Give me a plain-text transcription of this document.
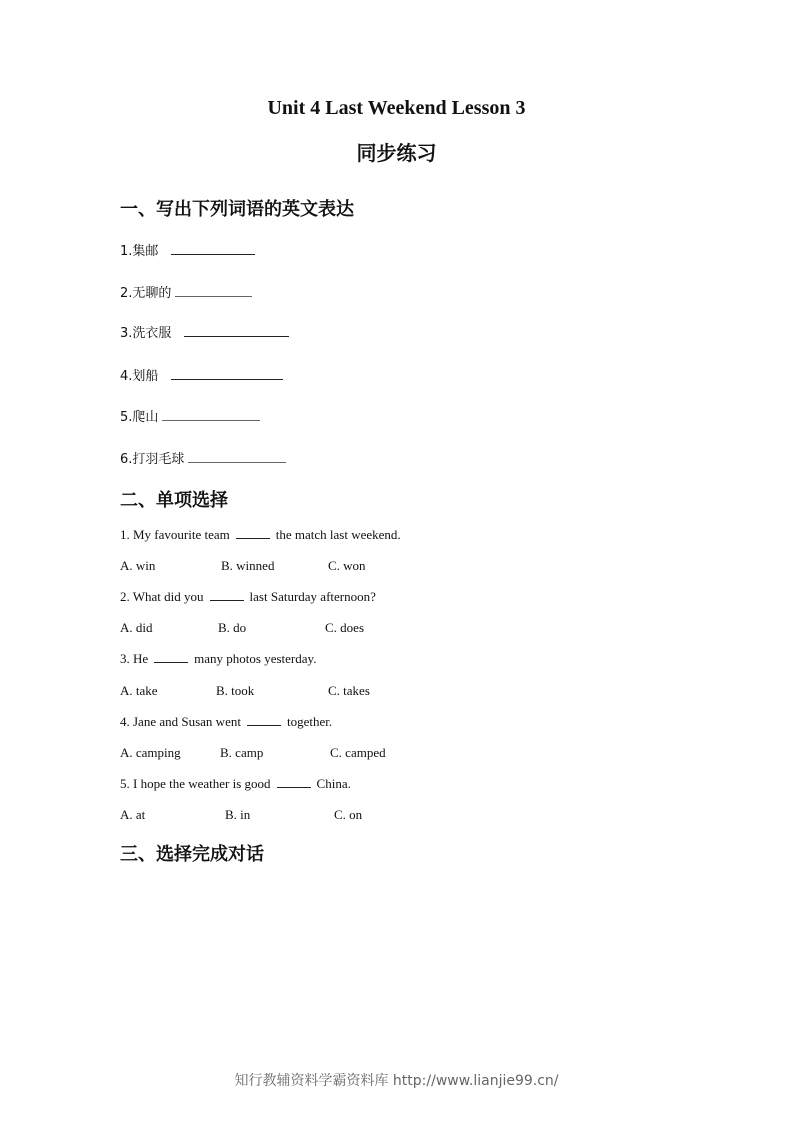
Unit 4 Last Weekend Lesson 3
同步练习
一、写出下列词语的英文表达
1.集邮
2.无聊的
3.洗衣服
4.划船
5.爬山
6.打羽毛球
二、单项选择
1. My favourite team	the match last weekend.
A. win	B. winned	C. won
2. What did you	last Saturday afternoon?
A. did	B. do	C. does
3. He	many photos yesterday.
A. take	B. took	C. takes
4. Jane and Susan went	together.
A. camping	B. camp	C. camped
5. I hope the weather is good	China.
A. at	B. in	C. on
三、选择完成对话
知行教辅资料学霸资料库 http://www.lianjie99.cn/
